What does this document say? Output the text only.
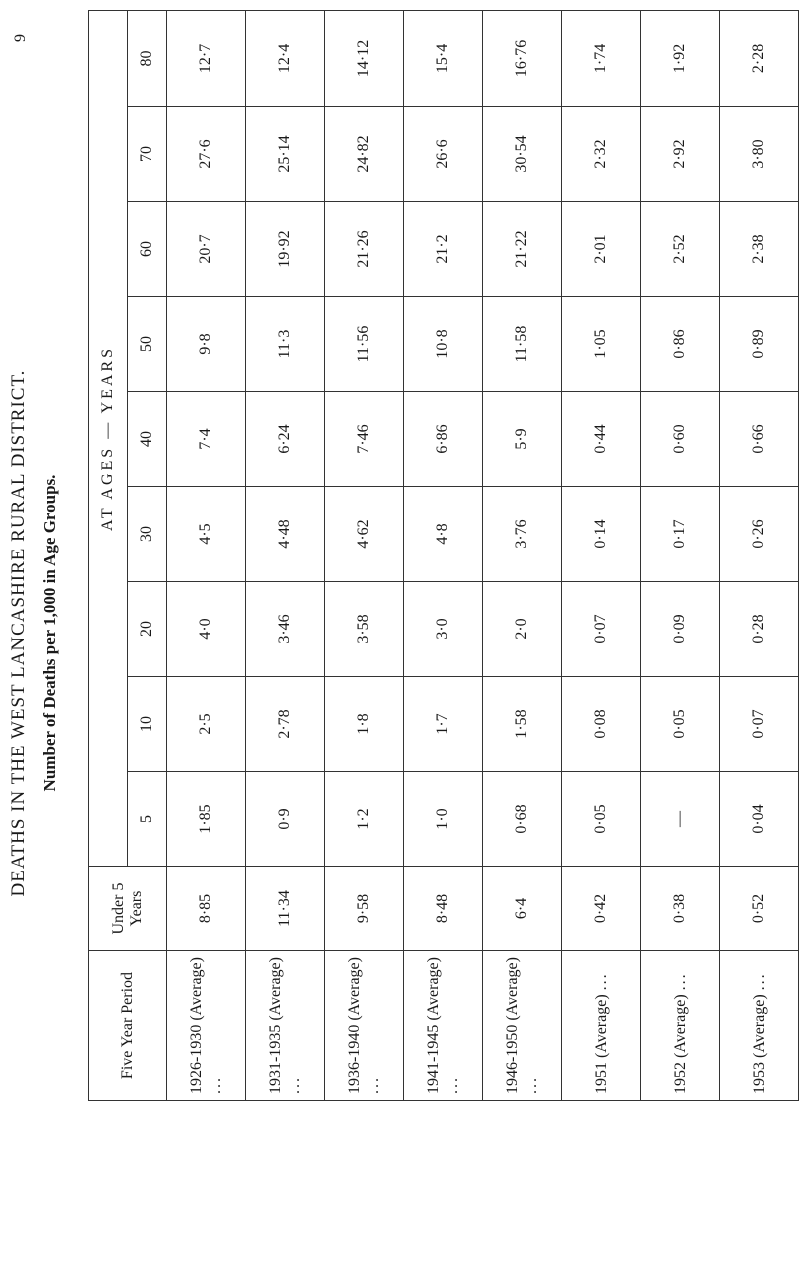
DEATHS IN THE WEST LANCASHIRE RURAL DISTRICT. Number of Deaths per 1,000 in Age Groups.
Five Year Period	Under 5 Years	AT AGES — YEARS								
		5	10	20	30	40	50	60	70	80
1926-1930 (Average) ...	8·85	1·85	2·5	4·0	4·5	7·4	9·8	20·7	27·6	12·7
1931-1935 (Average) ...	11·34	0·9	2·78	3·46	4·48	6·24	11·3	19·92	25·14	12·4
1936-1940 (Average) ...	9·58	1·2	1·8	3·58	4·62	7·46	11·56	21·26	24·82	14·12
1941-1945 (Average) ...	8·48	1·0	1·7	3·0	4·8	6·86	10·8	21·2	26·6	15·4
1946-1950 (Average) ...	6·4	0·68	1·58	2·0	3·76	5·9	11·58	21·22	30·54	16·76
1951 (Average) ...	0·42	0·05	0·08	0·07	0·14	0·44	1·05	2·01	2·32	1·74
1952 (Average) ...	0·38	—	0·05	0·09	0·17	0·60	0·86	2·52	2·92	1·92
1953 (Average) ...	0·52	0·04	0·07	0·28	0·26	0·66	0·89	2·38	3·80	2·28
9
